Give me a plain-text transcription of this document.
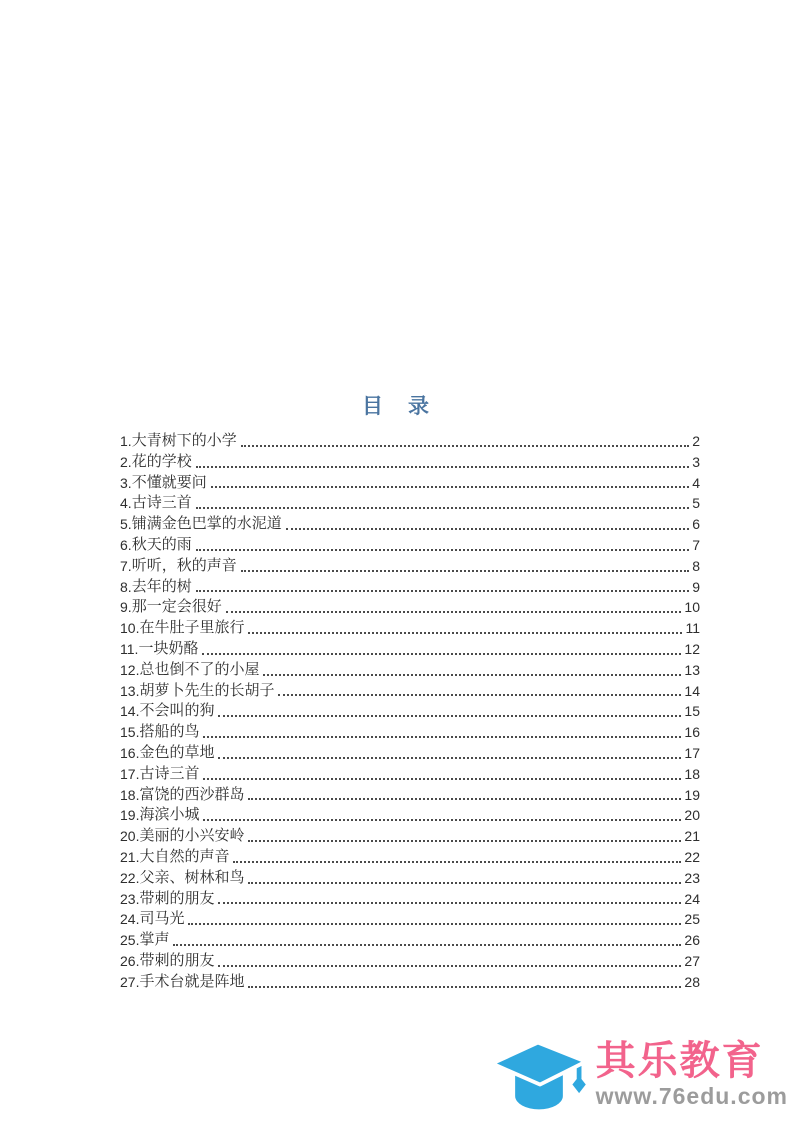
目　录
1. 大青树下的小学	2
2. 花的学校	3
3. 不懂就要问	4
4. 古诗三首	5
5. 铺满金色巴掌的水泥道	6
6. 秋天的雨	7
7. 听听，秋的声音	8
8. 去年的树	9
9. 那一定会很好	10
10. 在牛肚子里旅行	11
11. 一块奶酪	12
12. 总也倒不了的小屋	13
13. 胡萝卜先生的长胡子	14
14. 不会叫的狗	15
15. 搭船的鸟	16
16. 金色的草地	17
17. 古诗三首	18
18. 富饶的西沙群岛	19
19. 海滨小城	20
20. 美丽的小兴安岭	21
21. 大自然的声音	22
22. 父亲、树林和鸟	23
23. 带刺的朋友	24
24. 司马光	25
25. 掌声	26
26. 带刺的朋友	27
27. 手术台就是阵地	28
其乐教育
www.76edu.com
